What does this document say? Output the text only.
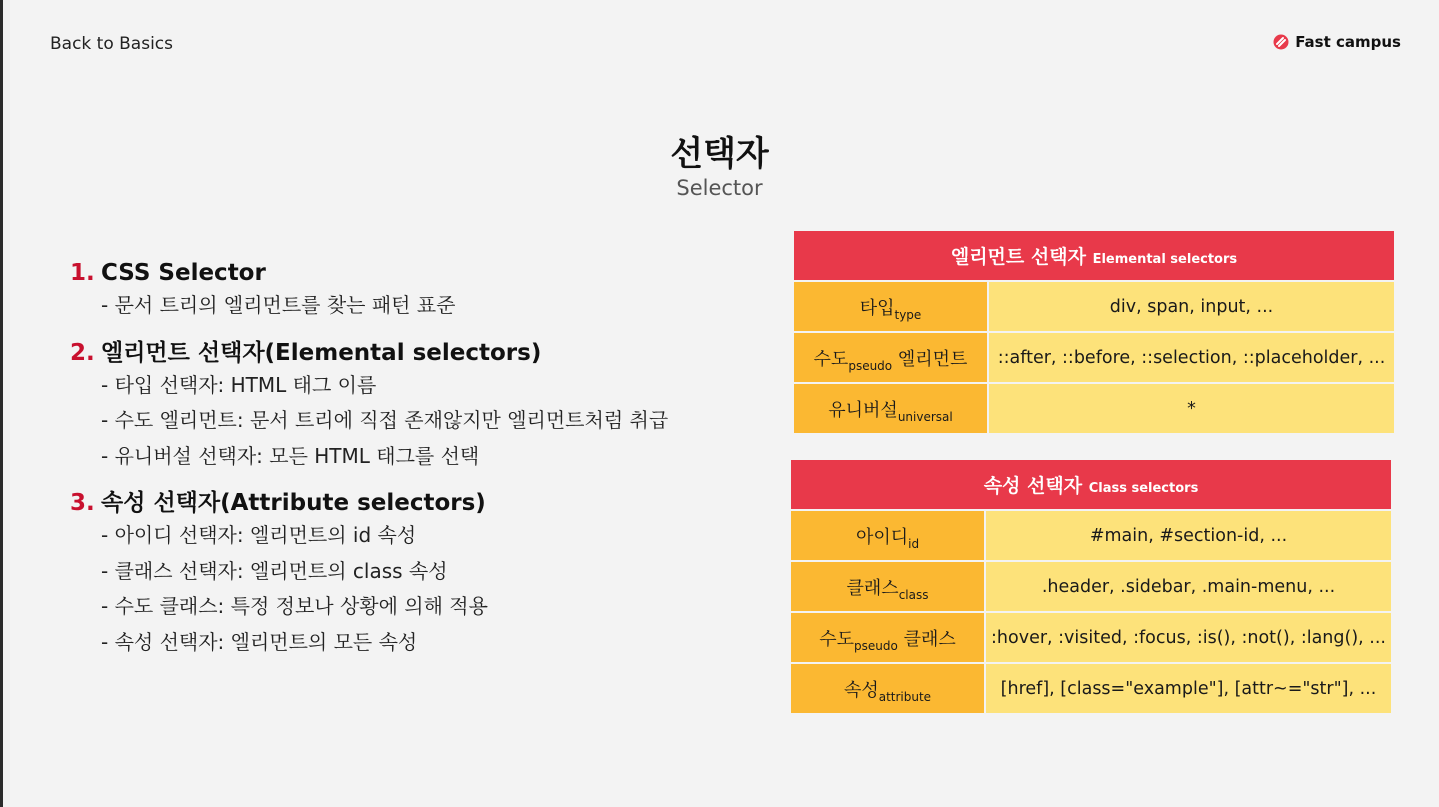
Back to Basics	Fast campus
선택자
Selector
1. CSS Selector
- 문서 트리의 엘리먼트를 찾는 패턴 표준
2. 엘리먼트 선택자(Elemental selectors)
- 타입 선택자: HTML 태그 이름
- 수도 엘리먼트: 문서 트리에 직접 존재않지만 엘리먼트처럼 취급
- 유니버설 선택자: 모든 HTML 태그를 선택
3. 속성 선택자(Attribute selectors)
- 아이디 선택자: 엘리먼트의 id 속성
- 클래스 선택자: 엘리먼트의 class 속성
- 수도 클래스: 특정 정보나 상황에 의해 적용
- 속성 선택자: 엘리먼트의 모든 속성
엘리먼트 선택자 Elemental selectors	
타입$_{type}$	div, span, input, ...
수도$_{pseudo}$ 엘리먼트	::after, ::before, ::selection, ::placeholder, ...
유니버설$_{universal}$	*
속성 선택자 Class selectors	
아이디$_{id}$	#main, #section-id, ...
클래스$_{class}$	.header, .sidebar, .main-menu, ...
수도$_{pseudo}$ 클래스	:hover, :visited, :focus, :is(), :not(), :lang(), ...
속성$_{attribute}$	[href], [class="example"], [attr~="str"], ...
